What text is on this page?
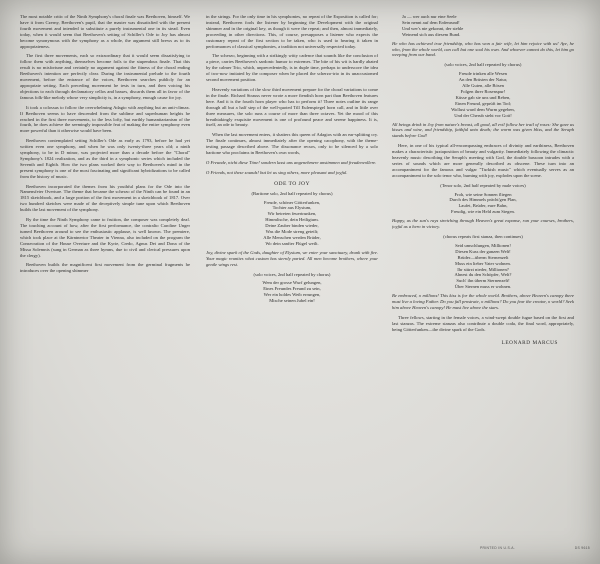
The most notable critic of the Ninth Symphony's choral finale was Beethoven, himself. We have it from Czerny, Beethoven's pupil, that the master was dissatisfied with the present fourth movement and intended to substitute a purely instrumental one in its stead. Even today, when it would seem that Beethoven's setting of Schiller's Ode to Joy has almost become synonymous with the symphony as a whole, the argument still brews as to its appropriateness.

The first three movements, each so extraordinary that it would seem dissatisfying to follow them with anything, themselves become foils to the stupendous finale. That this result is no misfortune and certainly no argument against the fitness of the choral ending Beethoven's intention are perfectly clear. During the instrumental prelude to the fourth movement, before the entrance of the voices, Beethoven searches publicly for an appropriate setting. Each preceding movement he tests in turn, and then voicing his objections to each through declamatory cellos and basses, discards them all in favor of the famous folk-like melody whose very simplicity is, in a symphony, enough cause for joy.

It took a colossus to follow the overwhelming Adagio with anything but an anti-climax. If Beethoven seems to have descended from the sublime and superhuman heights he reached in the first three movements, to the less lofty, but earthly humanitarianism of the fourth, he does achieve the seemingly impossible feat of making the entire symphony even more powerful than it otherwise would have been.

Beethoven contemplated setting Schiller's Ode as early as 1793, before he had yet written even one symphony, and when he was only twenty-three years old; a ninth symphony, to be in D minor, was projected more than a decade before the "Choral" Symphony's 1824 realization, and as the third in a symphonic series which included the Seventh and Eighth. How the two plans worked their way to Beethoven's mind in the present symphony is one of the most fascinating and significant hybridizations to be called from the history of music.

Beethoven incorporated the themes from his youthful plans for the Ode into the Namensfeier Overture. The theme that became the scherzo of the Ninth can be found in an 1815 sketchbook, and a large portion of the first movement in a sketchbook of 1817. Over two hundred sketches were made of the deceptively simple tune upon which Beethoven builds the last movement of the symphony.

By the time the Ninth Symphony came to fruition, the composer was completely deaf. The touching account of how, after the first performance, the contralto Caroline Unger turned Beethoven around to see the enthusiastic applause, is well known. The premiere, which took place at the Kärntnertor Theater in Vienna, also included on the program the Consecration of the House Overture and the Kyrie, Credo, Agnus Dei and Dona of the Missa Solemnis (sung in German as three hymns, due to civil and clerical pressures upon the clergy).

Beethoven builds the magnificent first movement from the germinal fragments he introduces over the opening shimmer

in the strings. For the only time in his symphonies, no repeat of the Exposition is called for; instead, Beethoven fools the listener by beginning the Development with the original shimmer and in the original key, as though it were the repeat; and then, almost immediately, proceeding in other directions. This, of course, presupposes a listener who expects the customary repeat of the first section to be taken, who is used to hearing it taken in performances of classical symphonies, a tradition not universally respected today.

The scherzo, beginning with a strikingly witty cadence that sounds like the conclusion of a piece, carries Beethoven's sardonic humor to extremes. The bite of his wit is hardly abated by the calmer Trio, which, unprecedentedly, is in duple time, perhaps to underscore the idea of two-now imitated by the composer when he placed the scherzo-trio in its unaccustomed second movement position.

Heavenly variations of the slow third movement prepare for the choral variations to come in the finale. Richard Strauss never wrote a more fiendish horn part than Beethoven features here. And it is the fourth horn player who has to perform it! Three notes outline its range through all but a half step of the well-quoted Till Eulenspiegel horn call, and in little over three measures, the solo runs a course of more than three octaves. Yet the mood of this breathtakingly exquisite movement is one of profound peace and serene happiness. It is, itself, an ode to beauty.

When the last movement enters, it shatters this queen of Adagios with an ear-splitting cry. The finale continues, almost immediately after the opening cacophony, with the theme-testing passage described above. The dissonance recurs, only to be silenced by a solo baritone who proclaims in Beethoven's own words,

O Freunde, nicht diese Töne! sondern lasst uns angenehmere anstimmen und freudenvollere.

O Friends, not these sounds! but let us sing others, more pleasant and joyful.

ODE TO JOY
(Baritone solo, 2nd half repeated by chorus)
Freude, schöner Götterfunken,
Tochter aus Elysium,
Wir betreten feuertrunken,
Himmlische, dein Heiligtum.
Deine Zauber binden wieder,
Was die Mode streng geteilt;
Alle Menschen werden Brüder,
Wo dein sanfter Flügel weilt.

Joy, divine spark of the Gods, daughter of Elysium, we enter your sanctuary, drunk with fire. Your magic reunites what custom has sternly parted. All men become brothers, where your gentle wings rest.

(solo voices, 2nd half repeated by chorus)
Wem der grosse Wurf gelungen,
Eines Freundes Freund zu sein,
Wer ein holdes Weib errungen,
Mische seinen Jubel ein!
Ja — wer auch nur eine Seele
Sein nennt auf dem Erdenrund!
Und wer's nie gekonnt, der stehle
Weinend sich aus diesem Bund.

He who has achieved true friendship, who has won a fair wife, let him rejoice with us! Aye, he who, from the whole world, can call but one soul his own. And whoever cannot do this, let him go weeping from our band.

(solo voices, 2nd half repeated by chorus)
Freude trinken alle Wesen
An den Brüsten der Natur,
Alle Guten, alle Bösen
Folgen ihrer Rosenspur!
Küsse gab sie uns und Reben,
Einen Freund, geprüft im Tod;
Wollust ward dem Wurm gegeben,
Und der Cherub steht vor Gott!

All beings drink in Joy from nature's breast, all good, all evil follow her trail of roses: She gave us kisses and wine, and friendship, faithful unto death; the worm was given bliss, and the Seraph stands before God!

Here, in one of his typical all-encompassing embraces of divinity and earthiness, Beethoven makes a characteristic juxtaposition of beauty and vulgarity. Immediately following the climactic heavenly music describing the Seraph's meeting with God, the double bassoon intrudes with a series of sounds which are more generally described as obscene. These turn into an accompaniment for the famous and vulgar "Turkish music" which eventually serves as an accompaniment to the solo tenor who, burning with joy, explodes upon the scene.

(Tenor solo, 2nd half repeated by male voices)
Froh, wie seine Sonnen fliegen
Durch des Himmels prächt'gen Plan,
Laufet, Brüder, eure Bahn,
Freudig, wie ein Held zum Siegen.

Happy, as the sun's rays stretching through Heaven's great expanse, run your courses, brothers, joyful as a hero in victory.

(chorus repeats first stanza, then continues)
Seid umschlungen, Millionen!
Diesen Kuss der ganzen Welt!
Brüder—überm Sternenzelt
Muss ein lieber Vater wohnen.
Ihr stürzt nieder, Millionen?
Ahnest du den Schöpfer, Welt?
Such' ihn überm Sternenzelt!
Über Sternen muss er wohnen.

Be embraced, o millions! This kiss is for the whole world. Brothers, above Heaven's canopy there must live a loving Father. Do you fall prostrate, o millions? Do you fear the creator, o world? Seek him above Heaven's canopy! He must live above the stars.

Three fellows, starting in the female voices, a wind-swept double fugue based on the first and last stanzas. The extreme stanzas also contribute a double coda, the final word, appropriately, being Götterfunken—the divine spark of the Gods.

LEONARD MARCUS
PRINTED IN U.S.A.	DS 9615
